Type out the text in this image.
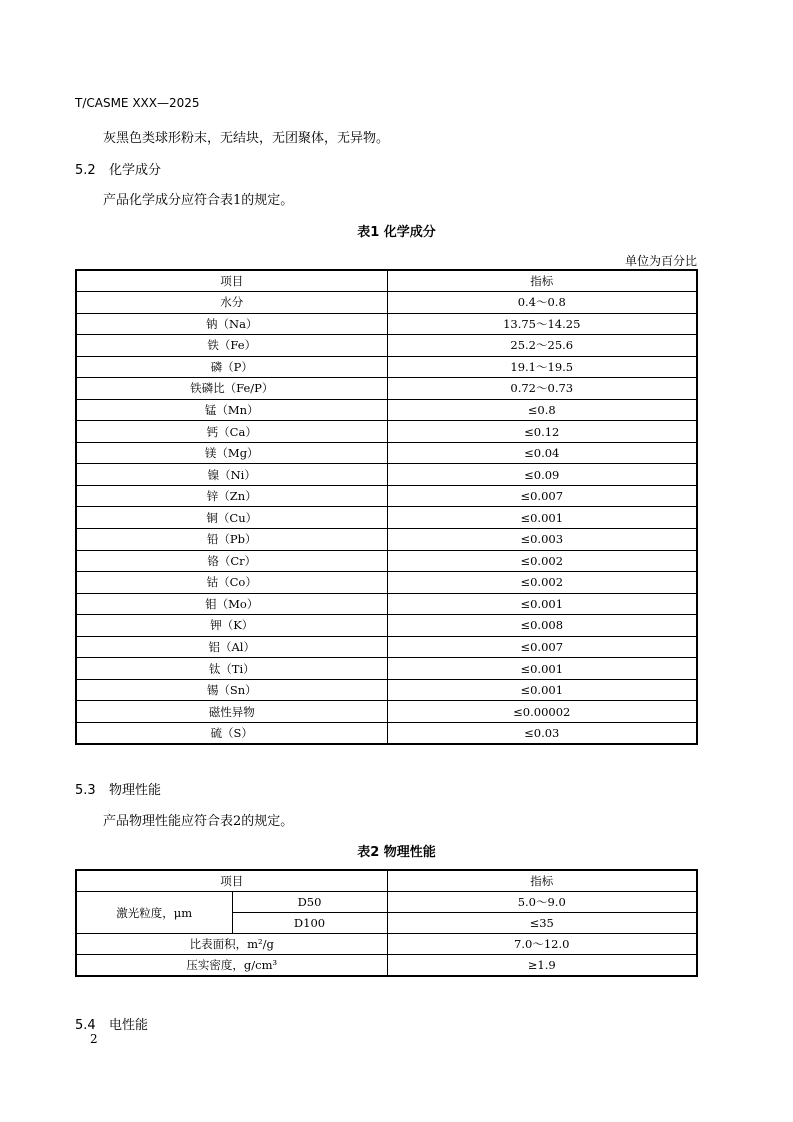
T/CASME XXX—2025
灰黑色类球形粉末，无结块，无团聚体，无异物。
5.2 化学成分
产品化学成分应符合表1的规定。
表1 化学成分
单位为百分比
项目	指标
水分	0.4～0.8
钠（Na）	13.75～14.25
铁（Fe）	25.2～25.6
磷（P）	19.1～19.5
铁磷比（Fe/P）	0.72～0.73
锰（Mn）	≤0.8
钙（Ca）	≤0.12
镁（Mg）	≤0.04
镍（Ni）	≤0.09
锌（Zn）	≤0.007
铜（Cu）	≤0.001
铅（Pb）	≤0.003
铬（Cr）	≤0.002
钴（Co）	≤0.002
钼（Mo）	≤0.001
钾（K）	≤0.008
铝（Al）	≤0.007
钛（Ti）	≤0.001
锡（Sn）	≤0.001
磁性异物	≤0.00002
硫（S）	≤0.03
5.3 物理性能
产品物理性能应符合表2的规定。
表2 物理性能
项目		指标
激光粒度，μm	D50	5.0～9.0
	D100	≤35
比表面积，m²/g		7.0～12.0
压实密度，g/cm³		≥1.9
5.4 电性能
2
